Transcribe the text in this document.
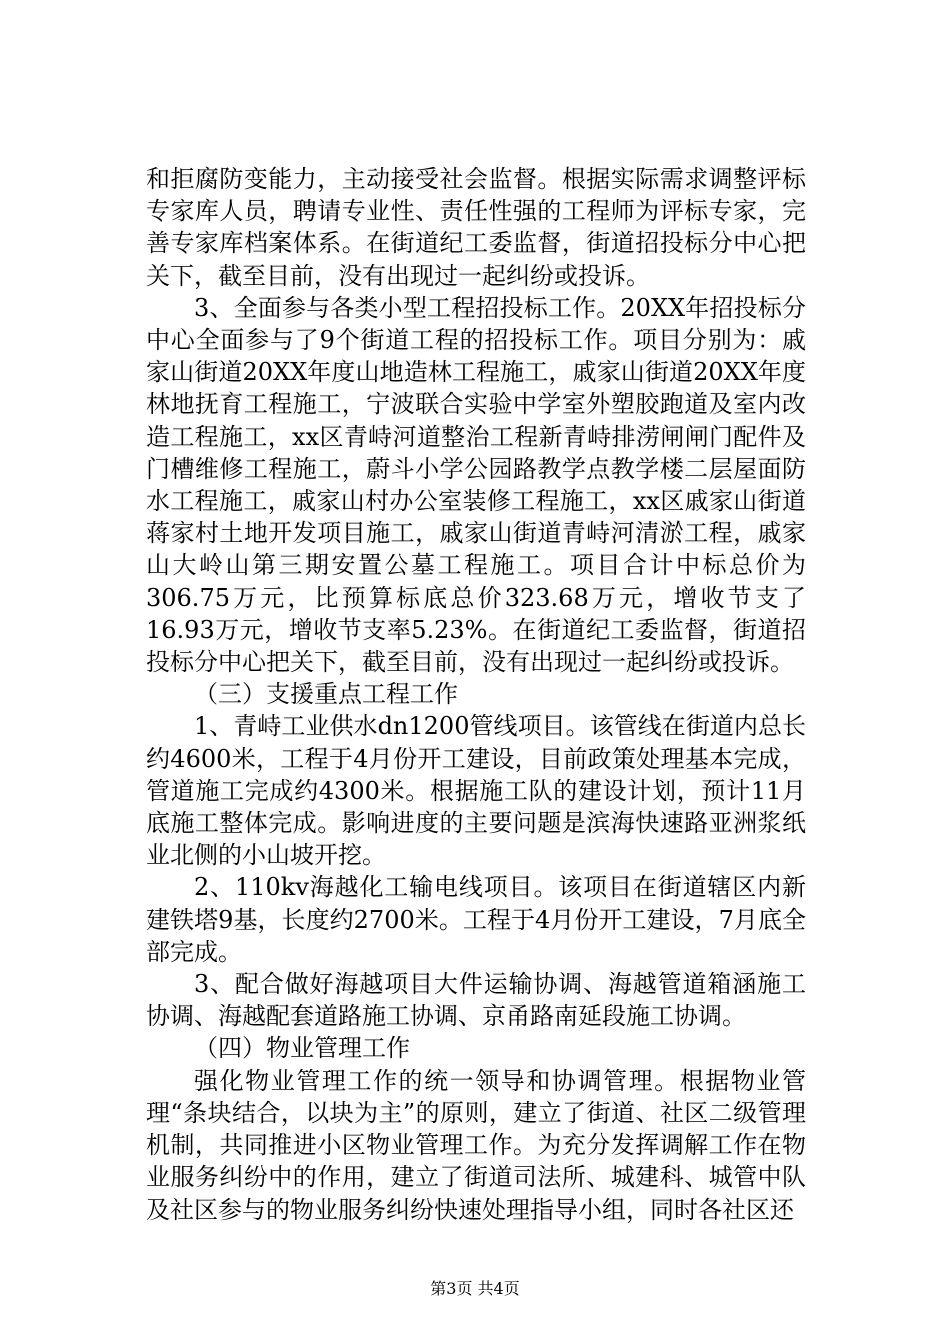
和拒腐防变能力，主动接受社会监督。根据实际需求调整评标专家库人员，聘请专业性、责任性强的工程师为评标专家，完善专家库档案体系。在街道纪工委监督，街道招投标分中心把关下，截至目前，没有出现过一起纠纷或投诉。

3、全面参与各类小型工程招投标工作。20XX年招投标分中心全面参与了9个街道工程的招投标工作。项目分别为：戚家山街道20XX年度山地造林工程施工，戚家山街道20XX年度林地抚育工程施工，宁波联合实验中学室外塑胶跑道及室内改造工程施工，xx区青峙河道整治工程新青峙排涝闸闸门配件及门槽维修工程施工，蔚斗小学公园路教学点教学楼二层屋面防水工程施工，戚家山村办公室装修工程施工，xx区戚家山街道蒋家村土地开发项目施工，戚家山街道青峙河清淤工程，戚家山大岭山第三期安置公墓工程施工。项目合计中标总价为306.75万元，比预算标底总价323.68万元，增收节支了16.93万元，增收节支率5.23%。在街道纪工委监督，街道招投标分中心把关下，截至目前，没有出现过一起纠纷或投诉。

（三）支援重点工程工作

1、青峙工业供水dn1200管线项目。该管线在街道内总长约4600米，工程于4月份开工建设，目前政策处理基本完成，管道施工完成约4300米。根据施工队的建设计划，预计11月底施工整体完成。影响进度的主要问题是滨海快速路亚洲浆纸业北侧的小山坡开挖。

2、110kv海越化工输电线项目。该项目在街道辖区内新建铁塔9基，长度约2700米。工程于4月份开工建设，7月底全部完成。

3、配合做好海越项目大件运输协调、海越管道箱涵施工协调、海越配套道路施工协调、京甬路南延段施工协调。

（四）物业管理工作

强化物业管理工作的统一领导和协调管理。根据物业管理“条块结合，以块为主”的原则，建立了街道、社区二级管理机制，共同推进小区物业管理工作。为充分发挥调解工作在物业服务纠纷中的作用，建立了街道司法所、城建科、城管中队及社区参与的物业服务纠纷快速处理指导小组，同时各社区还

第3页 共4页
